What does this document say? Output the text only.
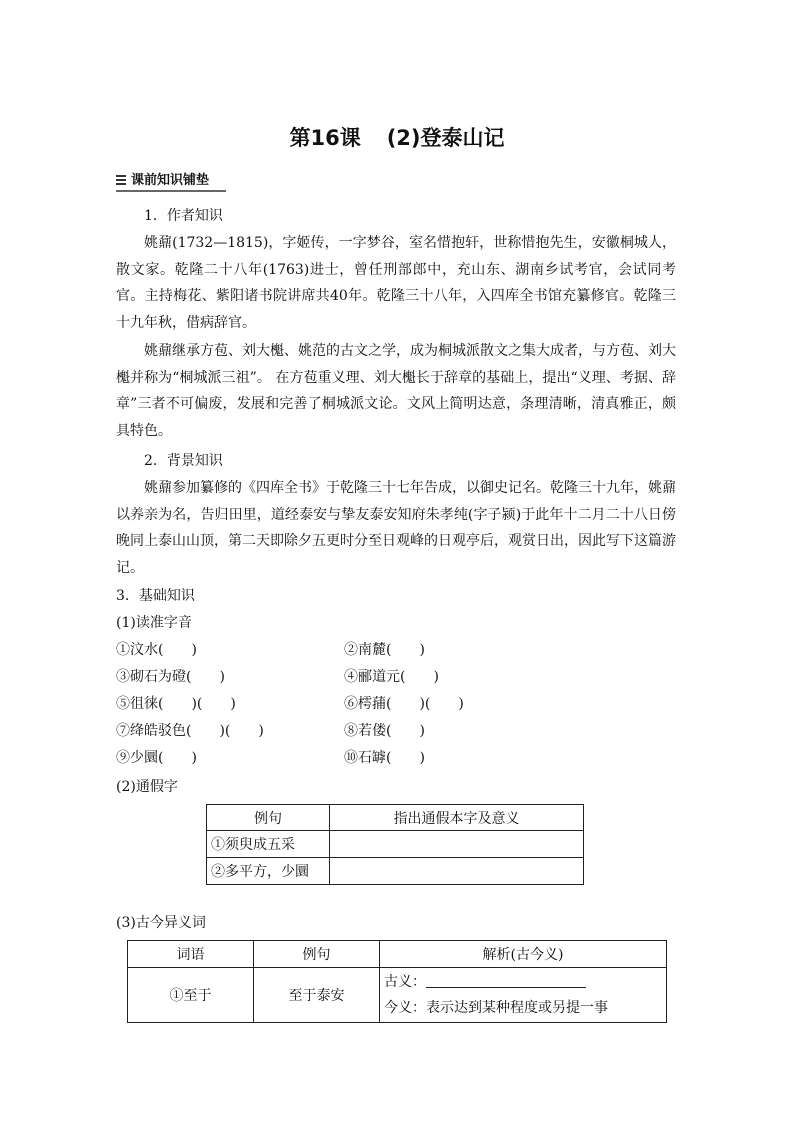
第16课 (2)登泰山记
课前知识铺垫
1．作者知识
姚鼐(1732—1815)，字姬传，一字梦谷，室名惜抱轩，世称惜抱先生，安徽桐城人，散文家。乾隆二十八年(1763)进士，曾任刑部郎中，充山东、湖南乡试考官，会试同考官。主持梅花、紫阳诸书院讲席共40年。乾隆三十八年，入四库全书馆充纂修官。乾隆三十九年秋，借病辞官。
姚鼐继承方苞、刘大櫆、姚范的古文之学，成为桐城派散文之集大成者，与方苞、刘大櫆并称为“桐城派三祖”。 在方苞重义理、刘大櫆长于辞章的基础上，提出“义理、考据、辞章”三者不可偏废，发展和完善了桐城派文论。文风上简明达意，条理清晰，清真雅正，颇具特色。
2．背景知识
姚鼐参加纂修的《四库全书》于乾隆三十七年告成，以御史记名。乾隆三十九年，姚鼐以养亲为名，告归田里，道经泰安与挚友泰安知府朱孝纯(字子颍)于此年十二月二十八日傍晚同上泰山山顶，第二天即除夕五更时分至日观峰的日观亭后，观赏日出，因此写下这篇游记。
3．基础知识
(1)读准字音
①汶水(　　)	②南麓(　　)
③砌石为磴(　　)	④郦道元(　　)
⑤徂徕(　　)(　　)	⑥樗蒱(　　)(　　)
⑦绛皓驳色(　　)(　　)	⑧若偻(　　)
⑨少圜(　　)	⑩石罅(　　)
(2)通假字
例句	指出通假本字及意义
①须臾成五采	
②多平方，少圜	
(3)古今异义词
词语	例句	解析(古今义)
①至于	至于泰安	古义：
今义：表示达到某种程度或另提一事
